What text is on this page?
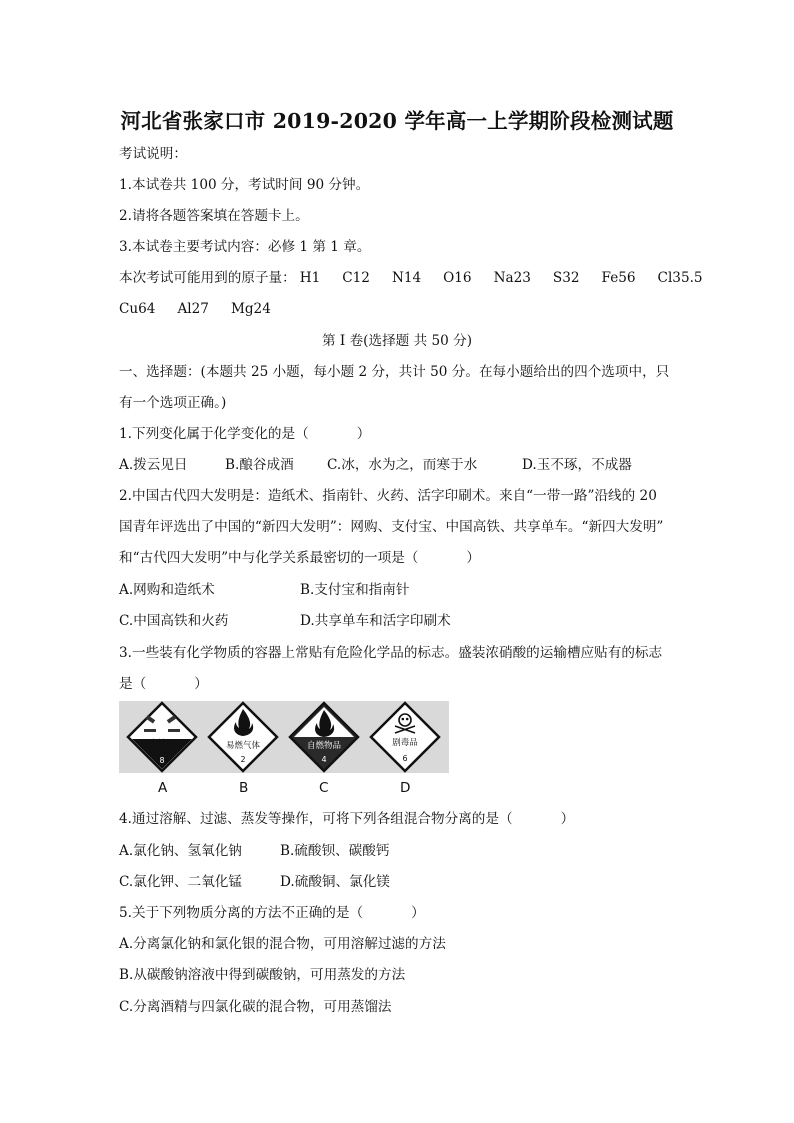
河北省张家口市 2019-2020 学年高一上学期阶段检测试题
考试说明：
1.本试卷共 100 分，考试时间 90 分钟。
2.请将各题答案填在答题卡上。
3.本试卷主要考试内容：必修 1 第 1 章。
本次考试可能用到的原子量： H1 C12 N14 O16 Na23 S32 Fe56 Cl35.5
Cu64 Al27 Mg24
第 I 卷(选择题 共 50 分)
一、选择题：(本题共 25 小题，每小题 2 分，共计 50 分。在每小题给出的四个选项中，只
有一个选项正确。)
1.下列变化属于化学变化的是（	）
A.拨云见日	B.酿谷成酒 C.冰，水为之，而寒于水	D.玉不琢，不成器
2.中国古代四大发明是：造纸术、指南针、火药、活字印刷术。来自“一带一路”沿线的 20
国青年评选出了中国的“新四大发明”：网购、支付宝、中国高铁、共享单车。“新四大发明”
和“古代四大发明”中与化学关系最密切的一项是（	）
A.网购和造纸术	B.支付宝和指南针
C.中国高铁和火药	D.共享单车和活字印刷术
3.一些装有化学物质的容器上常贴有危险化学品的标志。盛装浓硝酸的运输槽应贴有的标志
是（	）
腐蚀品
8
易燃气体
2
自燃物品
4
剧毒品
6
A	B	C	D
4.通过溶解、过滤、蒸发等操作，可将下列各组混合物分离的是（	）
A.氯化钠、氢氧化钠	B.硫酸钡、碳酸钙
C.氯化钾、二氧化锰	D.硫酸铜、氯化镁
5.关于下列物质分离的方法不正确的是（	）
A.分离氯化钠和氯化银的混合物，可用溶解过滤的方法
B.从碳酸钠溶液中得到碳酸钠，可用蒸发的方法
C.分离酒精与四氯化碳的混合物，可用蒸馏法
